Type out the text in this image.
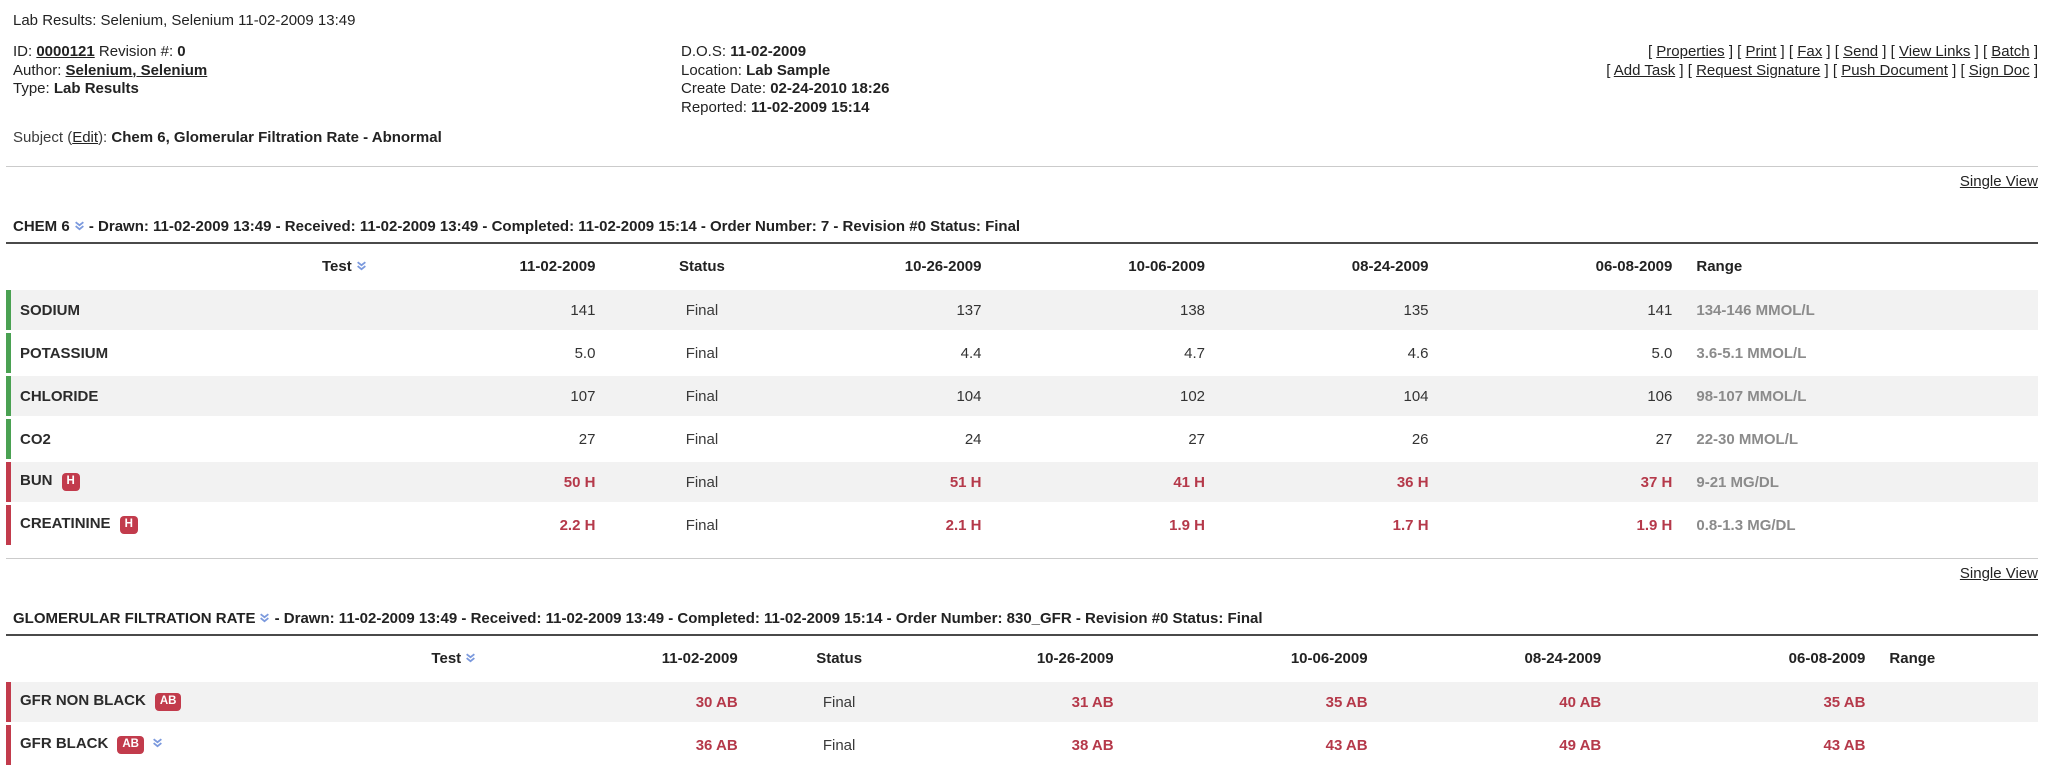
Lab Results: Selenium, Selenium 11-02-2009 13:49

ID: 0000121 Revision #: 0
Author: Selenium, Selenium
Type: Lab Results
D.O.S: 11-02-2009
Location: Lab Sample
Create Date: 02-24-2010 18:26
Reported: 11-02-2009 15:14
[ Properties ] [ Print ] [ Fax ] [ Send ] [ View Links ] [ Batch ]
[ Add Task ] [ Request Signature ] [ Push Document ] [ Sign Doc ]
Subject (Edit): Chem 6, Glomerular Filtration Rate - Abnormal
Single View
CHEM 6 - Drawn: 11-02-2009 13:49 - Received: 11-02-2009 13:49 - Completed: 11-02-2009 15:14 - Order Number: 7 - Revision #0 Status: Final
Test	11-02-2009	Status	10-26-2009	10-06-2009	08-24-2009	06-08-2009	Range
SODIUM	141	Final	137	138	135	141	134-146 MMOL/L
POTASSIUM	5.0	Final	4.4	4.7	4.6	5.0	3.6-5.1 MMOL/L
CHLORIDE	107	Final	104	102	104	106	98-107 MMOL/L
CO2	27	Final	24	27	26	27	22-30 MMOL/L
BUN H	50 H	Final	51 H	41 H	36 H	37 H	9-21 MG/DL
CREATININE H	2.2 H	Final	2.1 H	1.9 H	1.7 H	1.9 H	0.8-1.3 MG/DL
Single View
GLOMERULAR FILTRATION RATE - Drawn: 11-02-2009 13:49 - Received: 11-02-2009 13:49 - Completed: 11-02-2009 15:14 - Order Number: 830_GFR - Revision #0 Status: Final
Test	11-02-2009	Status	10-26-2009	10-06-2009	08-24-2009	06-08-2009	Range
GFR NON BLACK AB	30 AB	Final	31 AB	35 AB	40 AB	35 AB	
GFR BLACK AB	36 AB	Final	38 AB	43 AB	49 AB	43 AB	
